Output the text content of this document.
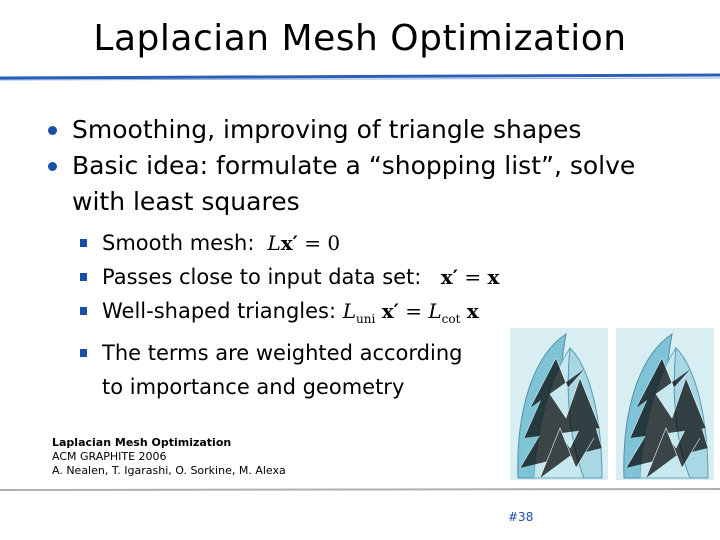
Laplacian Mesh Optimization
Smoothing, improving of triangle shapes
Basic idea: formulate a “shopping list”, solve
with least squares
Smooth mesh: Lx′ = 0
Passes close to input data set: x′ = x
Well-shaped triangles: $L_{uni}$ $x' = L_{cot}$ x
The terms are weighted according
to importance and geometry
Laplacian Mesh Optimization
ACM GRAPHITE 2006
A. Nealen, T. Igarashi, O. Sorkine, M. Alexa
#38
